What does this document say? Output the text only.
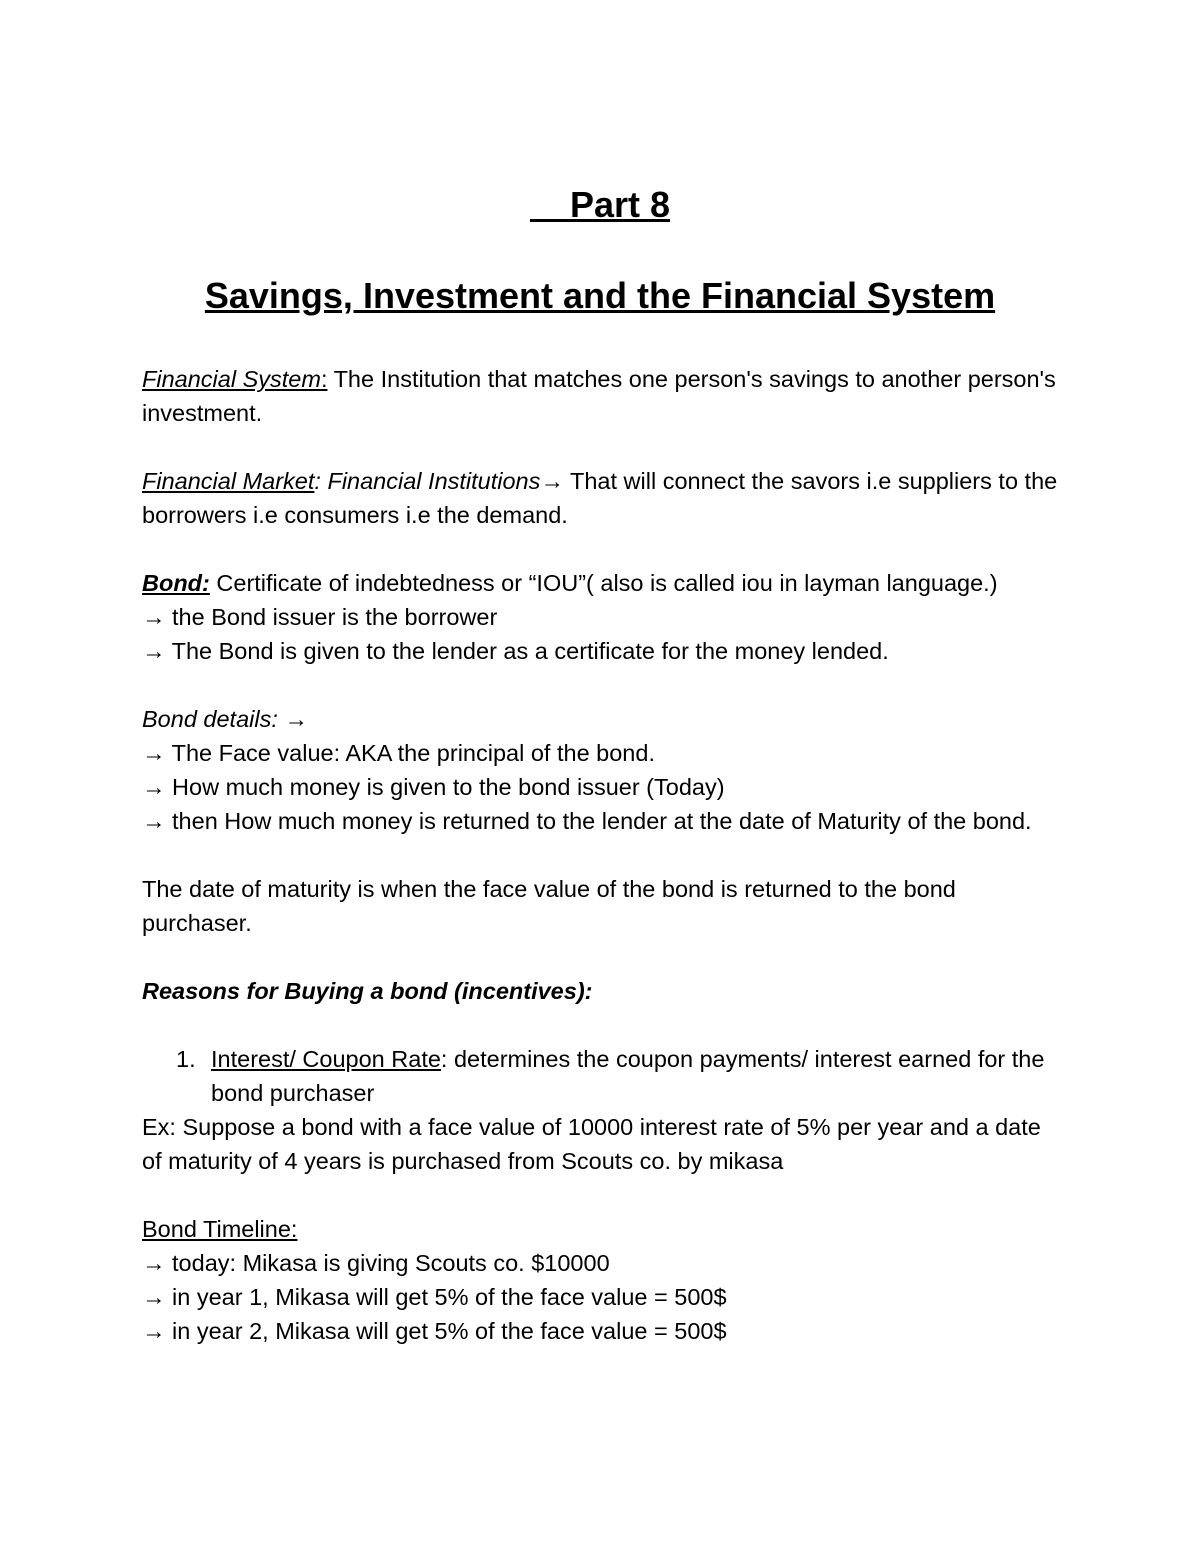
Part 8
Savings, Investment and the Financial System

Financial System: The Institution that matches one person's savings to another person's investment.

Financial Market: Financial Institutions→ That will connect the savors i.e suppliers to the borrowers i.e consumers i.e the demand.

Bond: Certificate of indebtedness or “IOU”( also is called iou in layman language.)

→ the Bond issuer is the borrower

→ The Bond is given to the lender as a certificate for the money lended.

Bond details: →

→ The Face value: AKA the principal of the bond.

→ How much money is given to the bond issuer (Today)

→ then How much money is returned to the lender at the date of Maturity of the bond.

The date of maturity is when the face value of the bond is returned to the bond purchaser.

Reasons for Buying a bond (incentives):

1. Interest/ Coupon Rate: determines the coupon payments/ interest earned for the bond purchaser

Ex: Suppose a bond with a face value of 10000 interest rate of 5% per year and a date of maturity of 4 years is purchased from Scouts co. by mikasa

Bond Timeline:

→ today: Mikasa is giving Scouts co. $10000

→ in year 1, Mikasa will get 5% of the face value = 500$

→ in year 2, Mikasa will get 5% of the face value = 500$
